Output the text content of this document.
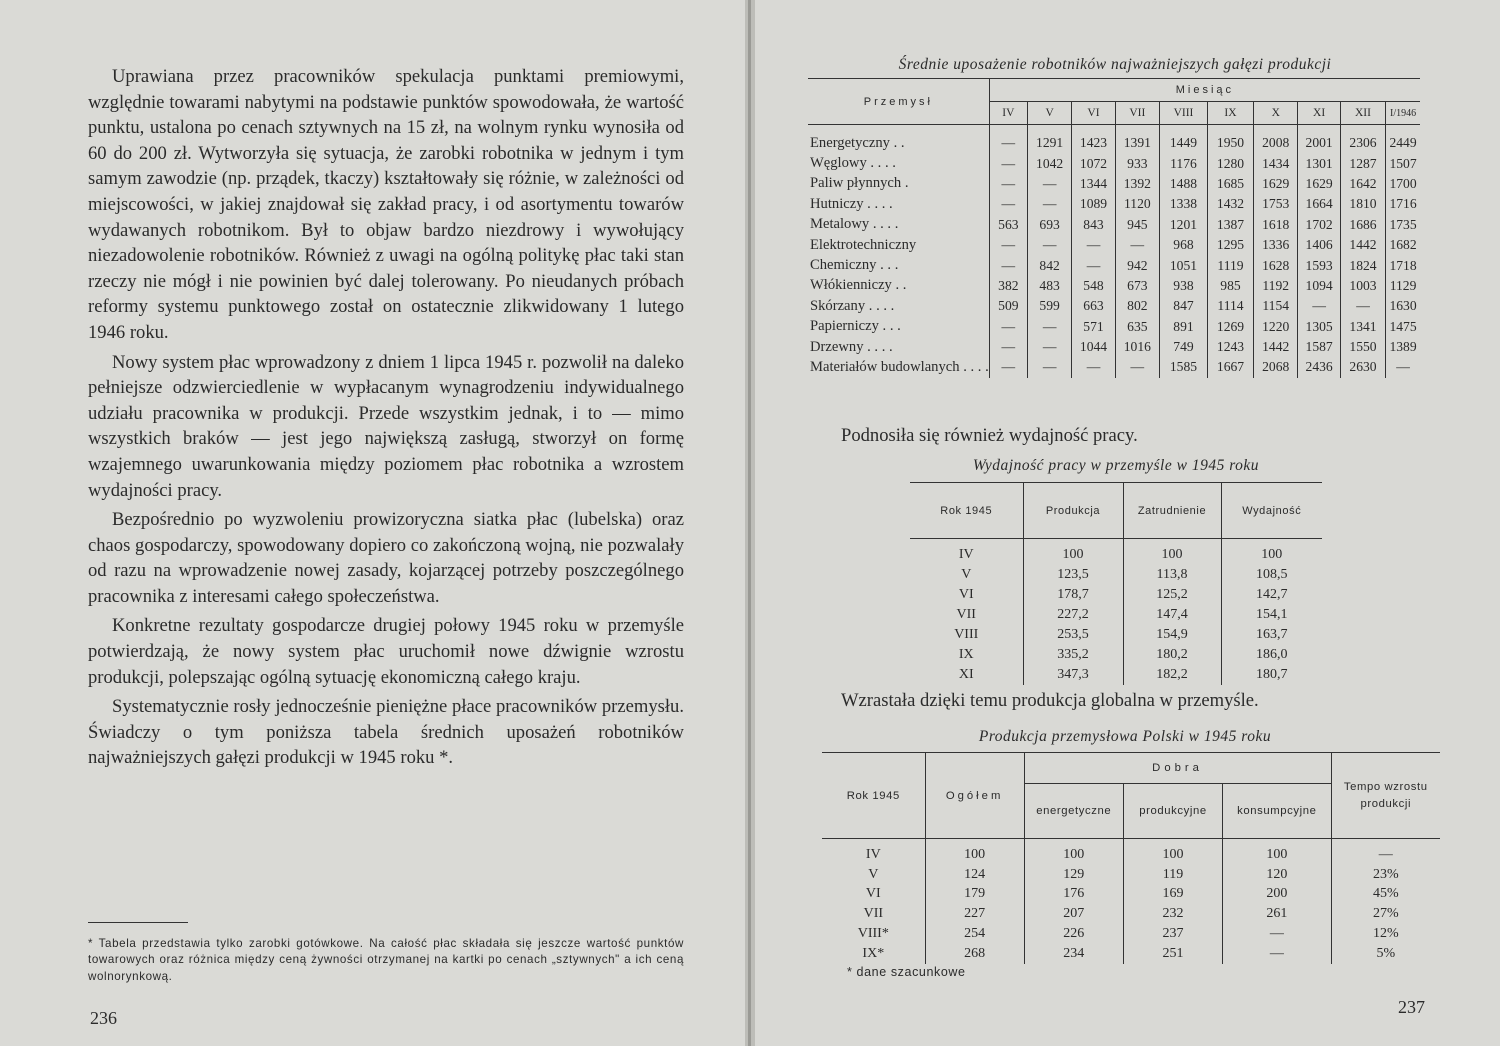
Uprawiana przez pracowników spekulacja punktami premiowymi, względnie towarami nabytymi na podstawie punktów spowodowała, że wartość punktu, ustalona po cenach sztywnych na 15 zł, na wolnym rynku wynosiła od 60 do 200 zł. Wytworzyła się sytuacja, że zarobki robotnika w jednym i tym samym zawodzie (np. prządek, tkaczy) kształtowały się różnie, w zależności od miejscowości, w jakiej znajdował się zakład pracy, i od asortymentu towarów wydawanych robotnikom. Był to objaw bardzo niezdrowy i wywołujący niezadowolenie robotników. Również z uwagi na ogólną politykę płac taki stan rzeczy nie mógł i nie powinien być dalej tolerowany. Po nieudanych próbach reformy systemu punktowego został on ostatecznie zlikwidowany 1 lutego 1946 roku.

Nowy system płac wprowadzony z dniem 1 lipca 1945 r. pozwolił na daleko pełniejsze odzwierciedlenie w wypłacanym wynagrodzeniu indywidualnego udziału pracownika w produkcji. Przede wszystkim jednak, i to — mimo wszystkich braków — jest jego największą zasługą, stworzył on formę wzajemnego uwarunkowania między poziomem płac robotnika a wzrostem wydajności pracy.

Bezpośrednio po wyzwoleniu prowizoryczna siatka płac (lubelska) oraz chaos gospodarczy, spowodowany dopiero co zakończoną wojną, nie pozwalały od razu na wprowadzenie nowej zasady, kojarzącej potrzeby poszczególnego pracownika z interesami całego społeczeństwa.

Konkretne rezultaty gospodarcze drugiej połowy 1945 roku w przemyśle potwierdzają, że nowy system płac uruchomił nowe dźwignie wzrostu produkcji, polepszając ogólną sytuację ekonomiczną całego kraju.

Systematycznie rosły jednocześnie pieniężne płace pracowników przemysłu. Świadczy o tym poniższa tabela średnich uposażeń robotników najważniejszych gałęzi produkcji w 1945 roku *.

* Tabela przedstawia tylko zarobki gotówkowe. Na całość płac składała się jeszcze wartość punktów towarowych oraz różnica między ceną żywności otrzymanej na kartki po cenach „sztywnych" a ich ceną wolnorynkową.
236
Średnie uposażenie robotników najważniejszych gałęzi produkcji
Przemysł	Miesiąc									
	IV	V	VI	VII	VIII	IX	X	XI	XII	I/1946
Energetyczny . .	—	1291	1423	1391	1449	1950	2008	2001	2306	2449
Węglowy . . . .	—	1042	1072	933	1176	1280	1434	1301	1287	1507
Paliw płynnych .	—	—	1344	1392	1488	1685	1629	1629	1642	1700
Hutniczy . . . .	—	—	1089	1120	1338	1432	1753	1664	1810	1716
Metalowy . . . .	563	693	843	945	1201	1387	1618	1702	1686	1735
Elektrotechniczny	—	—	—	—	968	1295	1336	1406	1442	1682
Chemiczny . . .	—	842	—	942	1051	1119	1628	1593	1824	1718
Włókienniczy . .	382	483	548	673	938	985	1192	1094	1003	1129
Skórzany . . . .	509	599	663	802	847	1114	1154	—	—	1630
Papierniczy . . .	—	—	571	635	891	1269	1220	1305	1341	1475
Drzewny . . . .	—	—	1044	1016	749	1243	1442	1587	1550	1389
Materiałów budowlanych . . . .	—	—	—	—	1585	1667	2068	2436	2630	—
Podnosiła się również wydajność pracy.
Wydajność pracy w przemyśle w 1945 roku
Rok 1945	Produkcja	Zatrudnienie	Wydajność
IV	100	100	100
V	123,5	113,8	108,5
VI	178,7	125,2	142,7
VII	227,2	147,4	154,1
VIII	253,5	154,9	163,7
IX	335,2	180,2	186,0
XI	347,3	182,2	180,7
Wzrastała dzięki temu produkcja globalna w przemyśle.
Produkcja przemysłowa Polski w 1945 roku
Rok 1945	Ogółem	Dobra			Tempo wzrostu produkcji
		energetyczne	produkcyjne	konsumpcyjne	
IV	100	100	100	100	—
V	124	129	119	120	23%
VI	179	176	169	200	45%
VII	227	207	232	261	27%
VIII*	254	226	237	—	12%
IX*	268	234	251	—	5%
* dane szacunkowe
237
